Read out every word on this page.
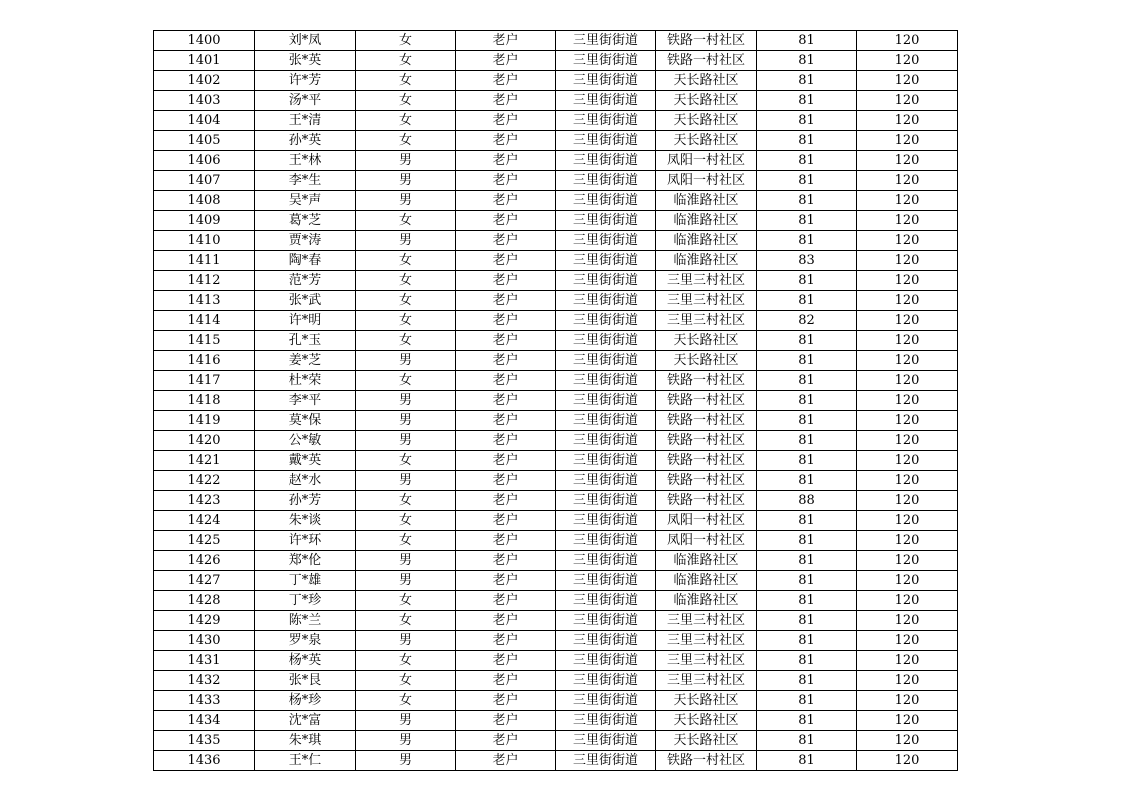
1400	刘*凤	女	老户	三里街街道	铁路一村社区	81	120
1401	张*英	女	老户	三里街街道	铁路一村社区	81	120
1402	许*芳	女	老户	三里街街道	天长路社区	81	120
1403	汤*平	女	老户	三里街街道	天长路社区	81	120
1404	王*清	女	老户	三里街街道	天长路社区	81	120
1405	孙*英	女	老户	三里街街道	天长路社区	81	120
1406	王*林	男	老户	三里街街道	凤阳一村社区	81	120
1407	李*生	男	老户	三里街街道	凤阳一村社区	81	120
1408	吴*声	男	老户	三里街街道	临淮路社区	81	120
1409	葛*芝	女	老户	三里街街道	临淮路社区	81	120
1410	贾*涛	男	老户	三里街街道	临淮路社区	81	120
1411	陶*春	女	老户	三里街街道	临淮路社区	83	120
1412	范*芳	女	老户	三里街街道	三里三村社区	81	120
1413	张*武	女	老户	三里街街道	三里三村社区	81	120
1414	许*明	女	老户	三里街街道	三里三村社区	82	120
1415	孔*玉	女	老户	三里街街道	天长路社区	81	120
1416	姜*芝	男	老户	三里街街道	天长路社区	81	120
1417	杜*荣	女	老户	三里街街道	铁路一村社区	81	120
1418	李*平	男	老户	三里街街道	铁路一村社区	81	120
1419	莫*保	男	老户	三里街街道	铁路一村社区	81	120
1420	公*敏	男	老户	三里街街道	铁路一村社区	81	120
1421	戴*英	女	老户	三里街街道	铁路一村社区	81	120
1422	赵*水	男	老户	三里街街道	铁路一村社区	81	120
1423	孙*芳	女	老户	三里街街道	铁路一村社区	88	120
1424	朱*谈	女	老户	三里街街道	凤阳一村社区	81	120
1425	许*环	女	老户	三里街街道	凤阳一村社区	81	120
1426	郑*伦	男	老户	三里街街道	临淮路社区	81	120
1427	丁*雄	男	老户	三里街街道	临淮路社区	81	120
1428	丁*珍	女	老户	三里街街道	临淮路社区	81	120
1429	陈*兰	女	老户	三里街街道	三里三村社区	81	120
1430	罗*泉	男	老户	三里街街道	三里三村社区	81	120
1431	杨*英	女	老户	三里街街道	三里三村社区	81	120
1432	张*艮	女	老户	三里街街道	三里三村社区	81	120
1433	杨*珍	女	老户	三里街街道	天长路社区	81	120
1434	沈*富	男	老户	三里街街道	天长路社区	81	120
1435	朱*琪	男	老户	三里街街道	天长路社区	81	120
1436	王*仁	男	老户	三里街街道	铁路一村社区	81	120
